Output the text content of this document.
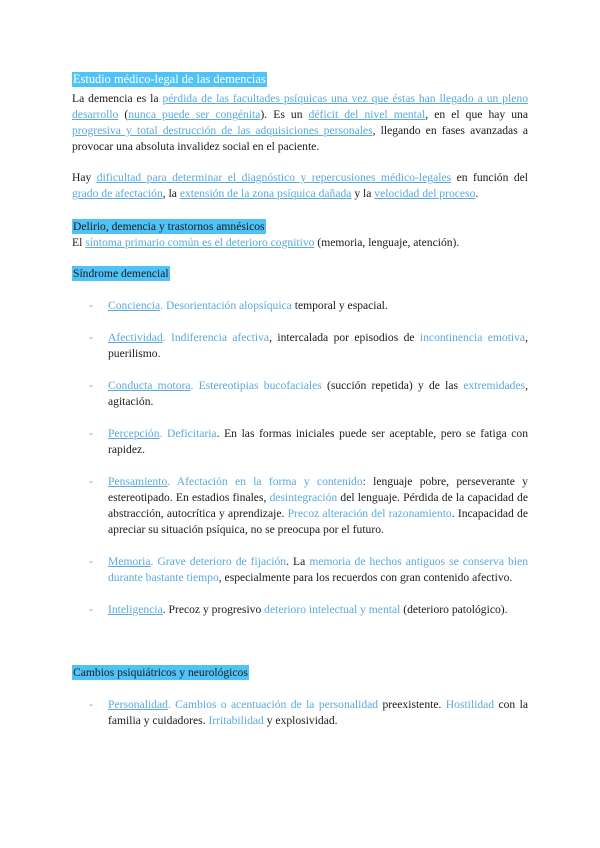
Estudio médico-legal de las demencias

La demencia es la pérdida de las facultades psíquicas una vez que éstas han llegado a un pleno desarrollo (nunca puede ser congénita). Es un déficit del nivel mental, en el que hay una progresiva y total destrucción de las adquisiciones personales, llegando en fases avanzadas a provocar una absoluta invalidez social en el paciente.

Hay dificultad para determinar el diagnóstico y repercusiones médico-legales en función del grado de afectación, la extensión de la zona psíquica dañada y la velocidad del proceso.

Delirio, demencia y trastornos amnésicos

El síntoma primario común es el deterioro cognitivo (memoria, lenguaje, atención).

Síndrome demencial
- Conciencia. Desorientación alopsíquica temporal y espacial.
- Afectividad. Indiferencia afectiva, intercalada por episodios de incontinencia emotiva, puerilismo.
- Conducta motora. Estereotipias bucofaciales (succión repetida) y de las extremidades, agitación.
- Percepción. Deficitaria. En las formas iniciales puede ser aceptable, pero se fatiga con rapidez.
- Pensamiento. Afectación en la forma y contenido: lenguaje pobre, perseverante y estereotipado. En estadios finales, desintegración del lenguaje. Pérdida de la capacidad de abstracción, autocrítica y aprendizaje. Precoz alteración del razonamiento. Incapacidad de apreciar su situación psíquica, no se preocupa por el futuro.
- Memoria. Grave deterioro de fijación. La memoria de hechos antiguos se conserva bien durante bastante tiempo, especialmente para los recuerdos con gran contenido afectivo.
- Inteligencia. Precoz y progresivo deterioro intelectual y mental (deterioro patológico).
Cambios psiquiátricos y neurológicos
- Personalidad. Cambios o acentuación de la personalidad preexistente. Hostilidad con la familia y cuidadores. Irritabilidad y explosividad.
